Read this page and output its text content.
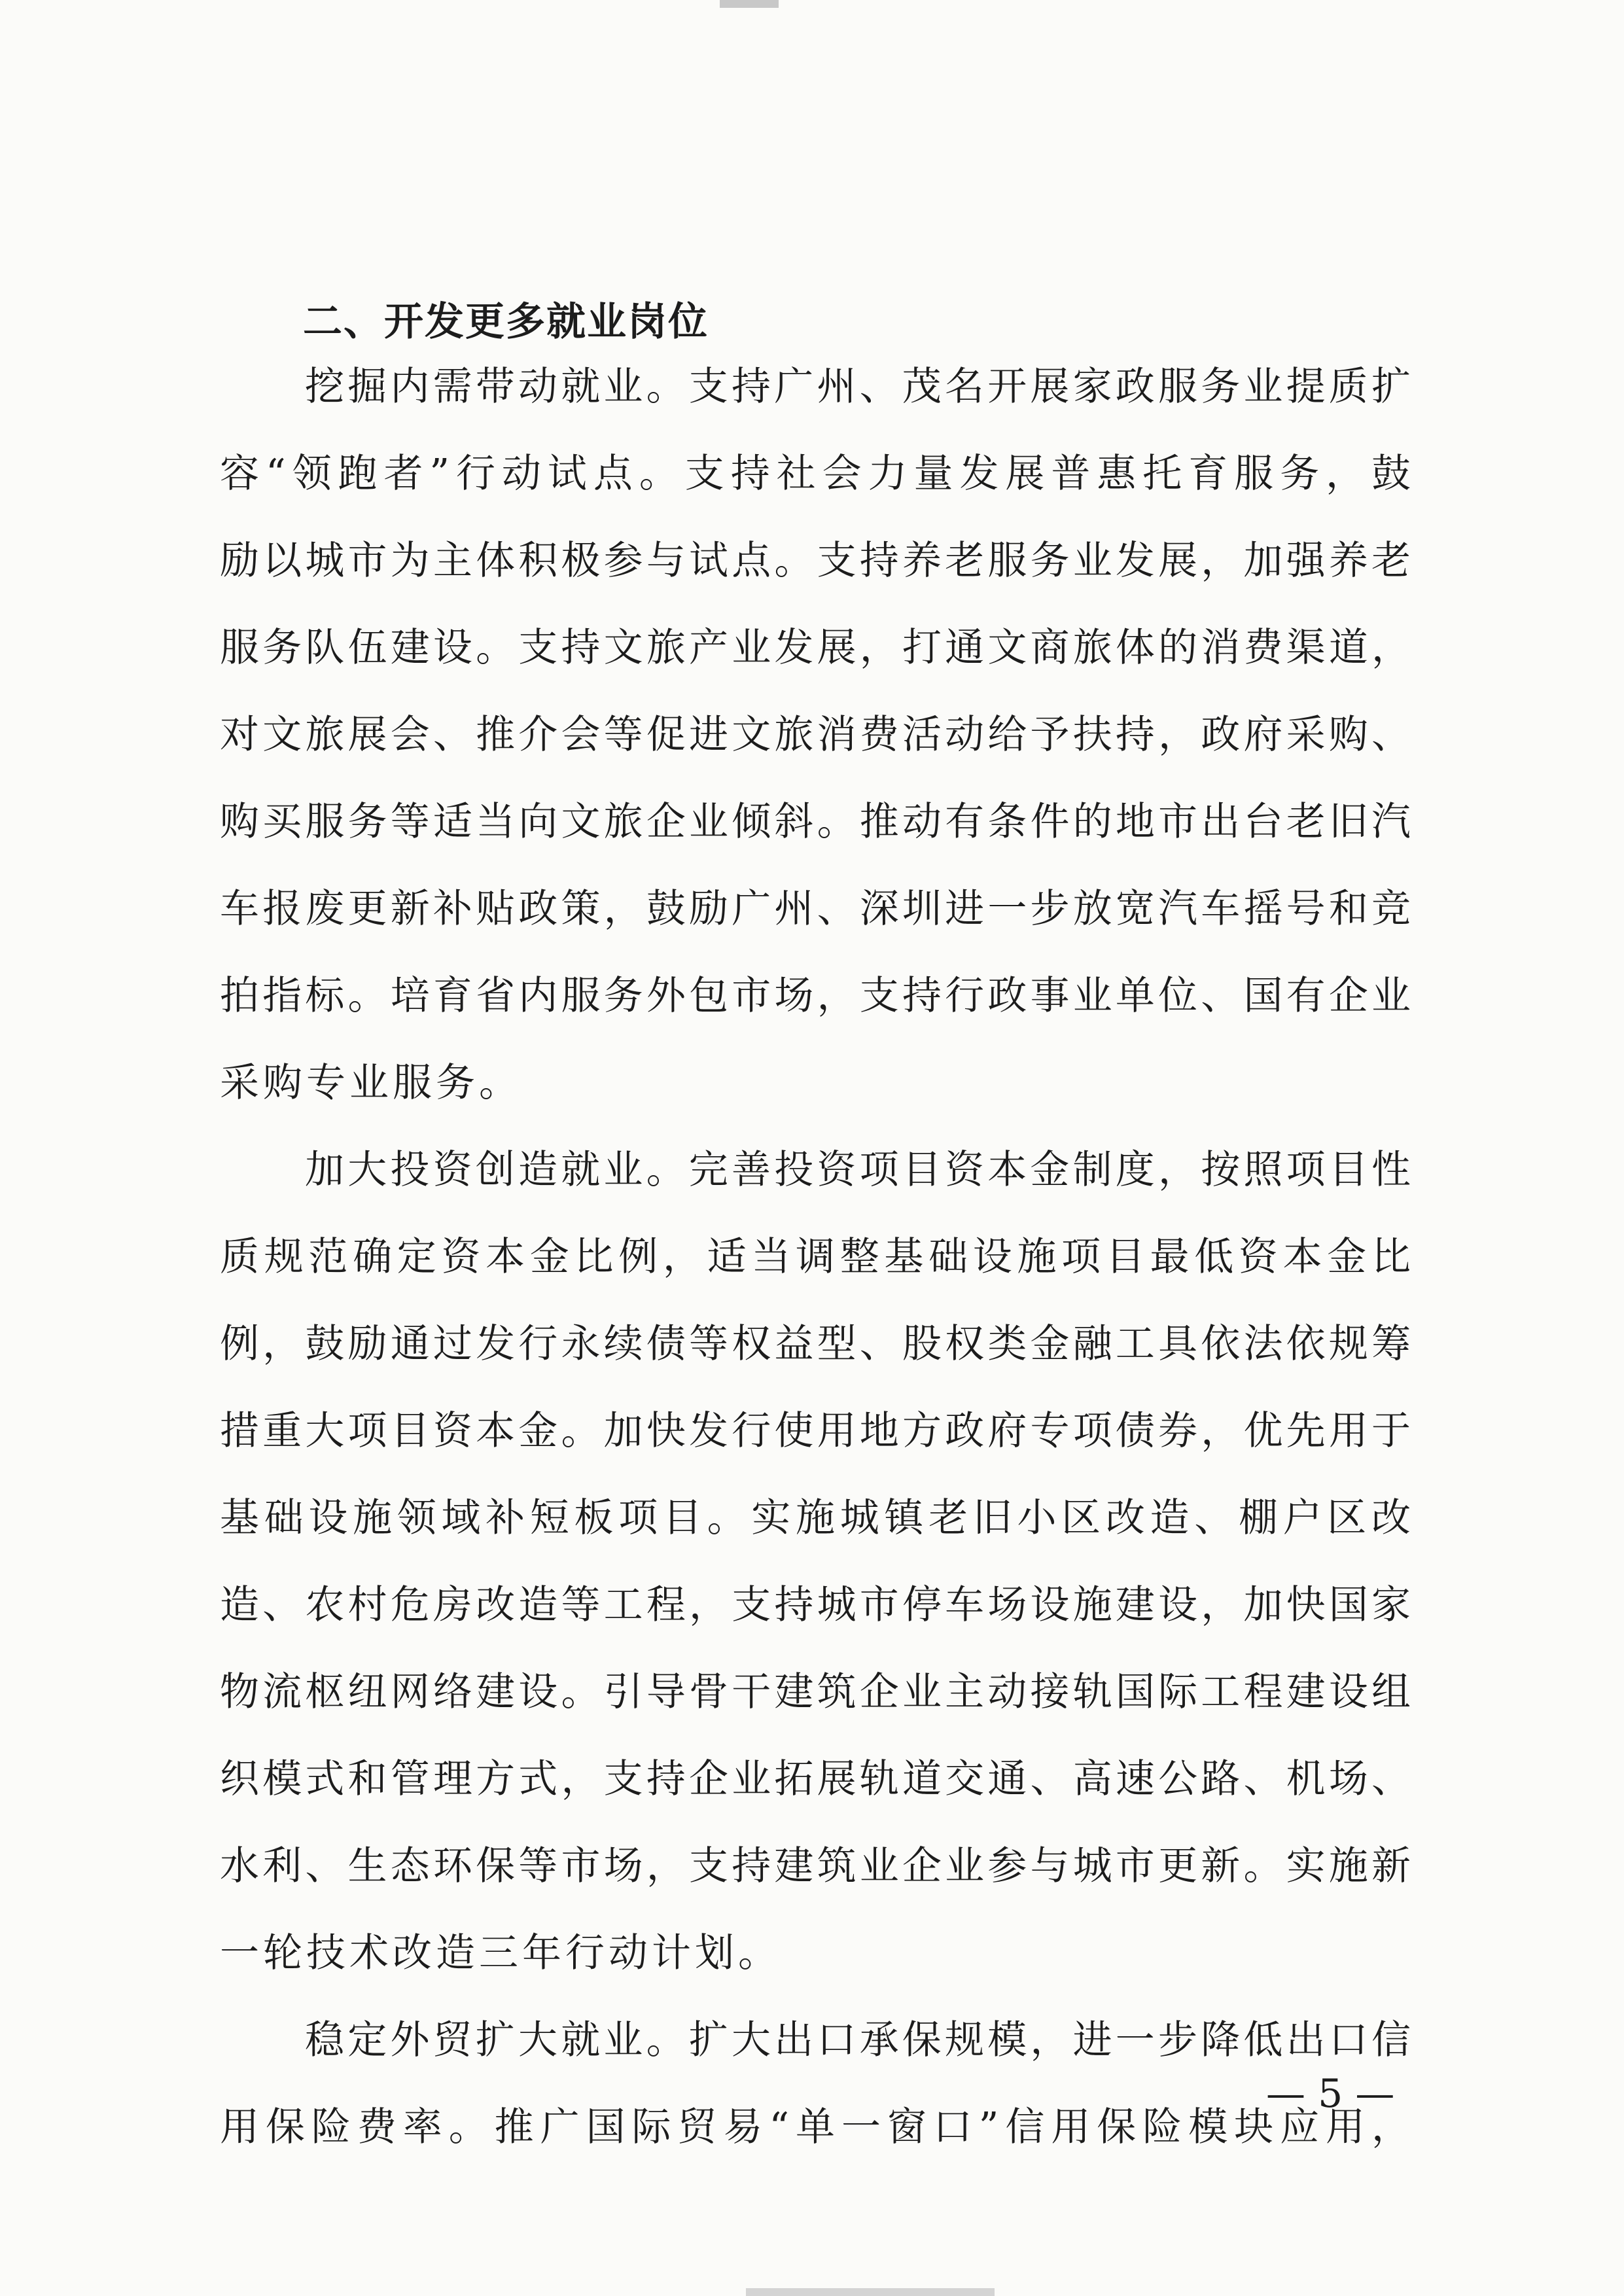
二、开发更多就业岗位
挖掘内需带动就业。支持广州、茂名开展家政服务业提质扩
容“领跑者”行动试点。支持社会力量发展普惠托育服务，鼓
励以城市为主体积极参与试点。支持养老服务业发展，加强养老
服务队伍建设。支持文旅产业发展，打通文商旅体的消费渠道，
对文旅展会、推介会等促进文旅消费活动给予扶持，政府采购、
购买服务等适当向文旅企业倾斜。推动有条件的地市出台老旧汽
车报废更新补贴政策，鼓励广州、深圳进一步放宽汽车摇号和竞
拍指标。培育省内服务外包市场，支持行政事业单位、国有企业
采购专业服务。
加大投资创造就业。完善投资项目资本金制度，按照项目性
质规范确定资本金比例，适当调整基础设施项目最低资本金比
例，鼓励通过发行永续债等权益型、股权类金融工具依法依规筹
措重大项目资本金。加快发行使用地方政府专项债券，优先用于
基础设施领域补短板项目。实施城镇老旧小区改造、棚户区改
造、农村危房改造等工程，支持城市停车场设施建设，加快国家
物流枢纽网络建设。引导骨干建筑企业主动接轨国际工程建设组
织模式和管理方式，支持企业拓展轨道交通、高速公路、机场、
水利、生态环保等市场，支持建筑业企业参与城市更新。实施新
一轮技术改造三年行动计划。
稳定外贸扩大就业。扩大出口承保规模，进一步降低出口信
用保险费率。推广国际贸易“单一窗口”信用保险模块应用，
— 5 —
